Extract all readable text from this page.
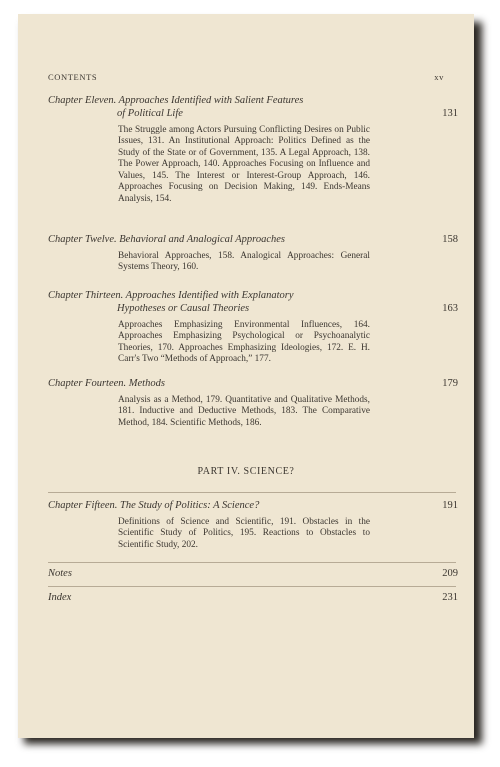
CONTENTS	xv
Chapter Eleven. Approaches Identified with Salient Features
of Political Life	131
The Struggle among Actors Pursuing Conflicting Desires on Public Issues, 131. An Institutional Approach: Politics Defined as the Study of the State or of Government, 135. A Legal Approach, 138. The Power Approach, 140. Approaches Focusing on Influence and Values, 145. The Interest or Interest-Group Approach, 146. Approaches Focusing on Decision Making, 149. Ends-Means Analysis, 154.
Chapter Twelve. Behavioral and Analogical Approaches	158
Behavioral Approaches, 158. Analogical Approaches: General Systems Theory, 160.
Chapter Thirteen. Approaches Identified with Explanatory
Hypotheses or Causal Theories	163
Approaches Emphasizing Environmental Influences, 164. Approaches Emphasizing Psychological or Psychoanalytic Theories, 170. Approaches Emphasizing Ideologies, 172. E. H. Carr's Two “Methods of Approach,” 177.
Chapter Fourteen. Methods	179
Analysis as a Method, 179. Quantitative and Qualitative Methods, 181. Inductive and Deductive Methods, 183. The Comparative Method, 184. Scientific Methods, 186.
PART IV. SCIENCE?
Chapter Fifteen. The Study of Politics: A Science?	191
Definitions of Science and Scientific, 191. Obstacles in the Scientific Study of Politics, 195. Reactions to Obstacles to Scientific Study, 202.
Notes	209
Index	231
